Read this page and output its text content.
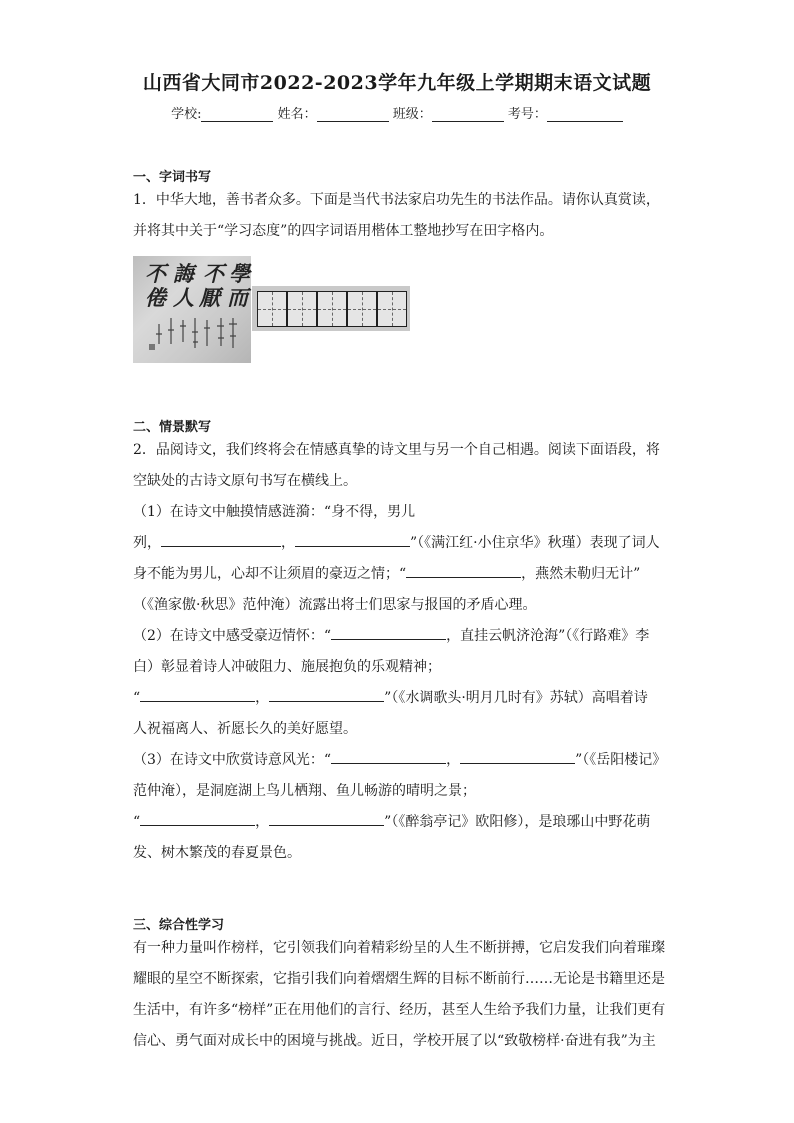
山西省大同市2022-2023学年九年级上学期期末语文试题
学校:	姓名：	班级：	考号：
一、字词书写
1．中华大地，善书者众多。下面是当代书法家启功先生的书法作品。请你认真赏读，
并将其中关于“学习态度”的四字词语用楷体工整地抄写在田字格内。
學
不
誨
不
而
厭
人
倦
二、情景默写
2．品阅诗文，我们终将会在情感真挚的诗文里与另一个自己相遇。阅读下面语段，将
空缺处的古诗文原句书写在横线上。
（1）在诗文中触摸情感涟漪：“身不得，男儿
列，	，	”（《满江红·小住京华》秋瑾）表现了词人
身不能为男儿，心却不让须眉的豪迈之情；“	，燕然未勒归无计”
（《渔家傲·秋思》范仲淹）流露出将士们思家与报国的矛盾心理。
（2）在诗文中感受豪迈情怀：“	，直挂云帆济沧海”（《行路难》李
白）彰显着诗人冲破阻力、施展抱负的乐观精神；
“	，	”（《水调歌头·明月几时有》苏轼）高唱着诗
人祝福离人、祈愿长久的美好愿望。
（3）在诗文中欣赏诗意风光：“	，	”（《岳阳楼记》
范仲淹），是洞庭湖上鸟儿栖翔、鱼儿畅游的晴明之景；
“	，	”（《醉翁亭记》欧阳修），是琅琊山中野花萌
发、树木繁茂的春夏景色。
三、综合性学习
有一种力量叫作榜样，它引领我们向着精彩纷呈的人生不断拼搏，它启发我们向着璀璨
耀眼的星空不断探索，它指引我们向着熠熠生辉的目标不断前行……无论是书籍里还是
生活中，有许多“榜样”正在用他们的言行、经历，甚至人生给予我们力量，让我们更有
信心、勇气面对成长中的困境与挑战。近日，学校开展了以“致敬榜样·奋进有我”为主
